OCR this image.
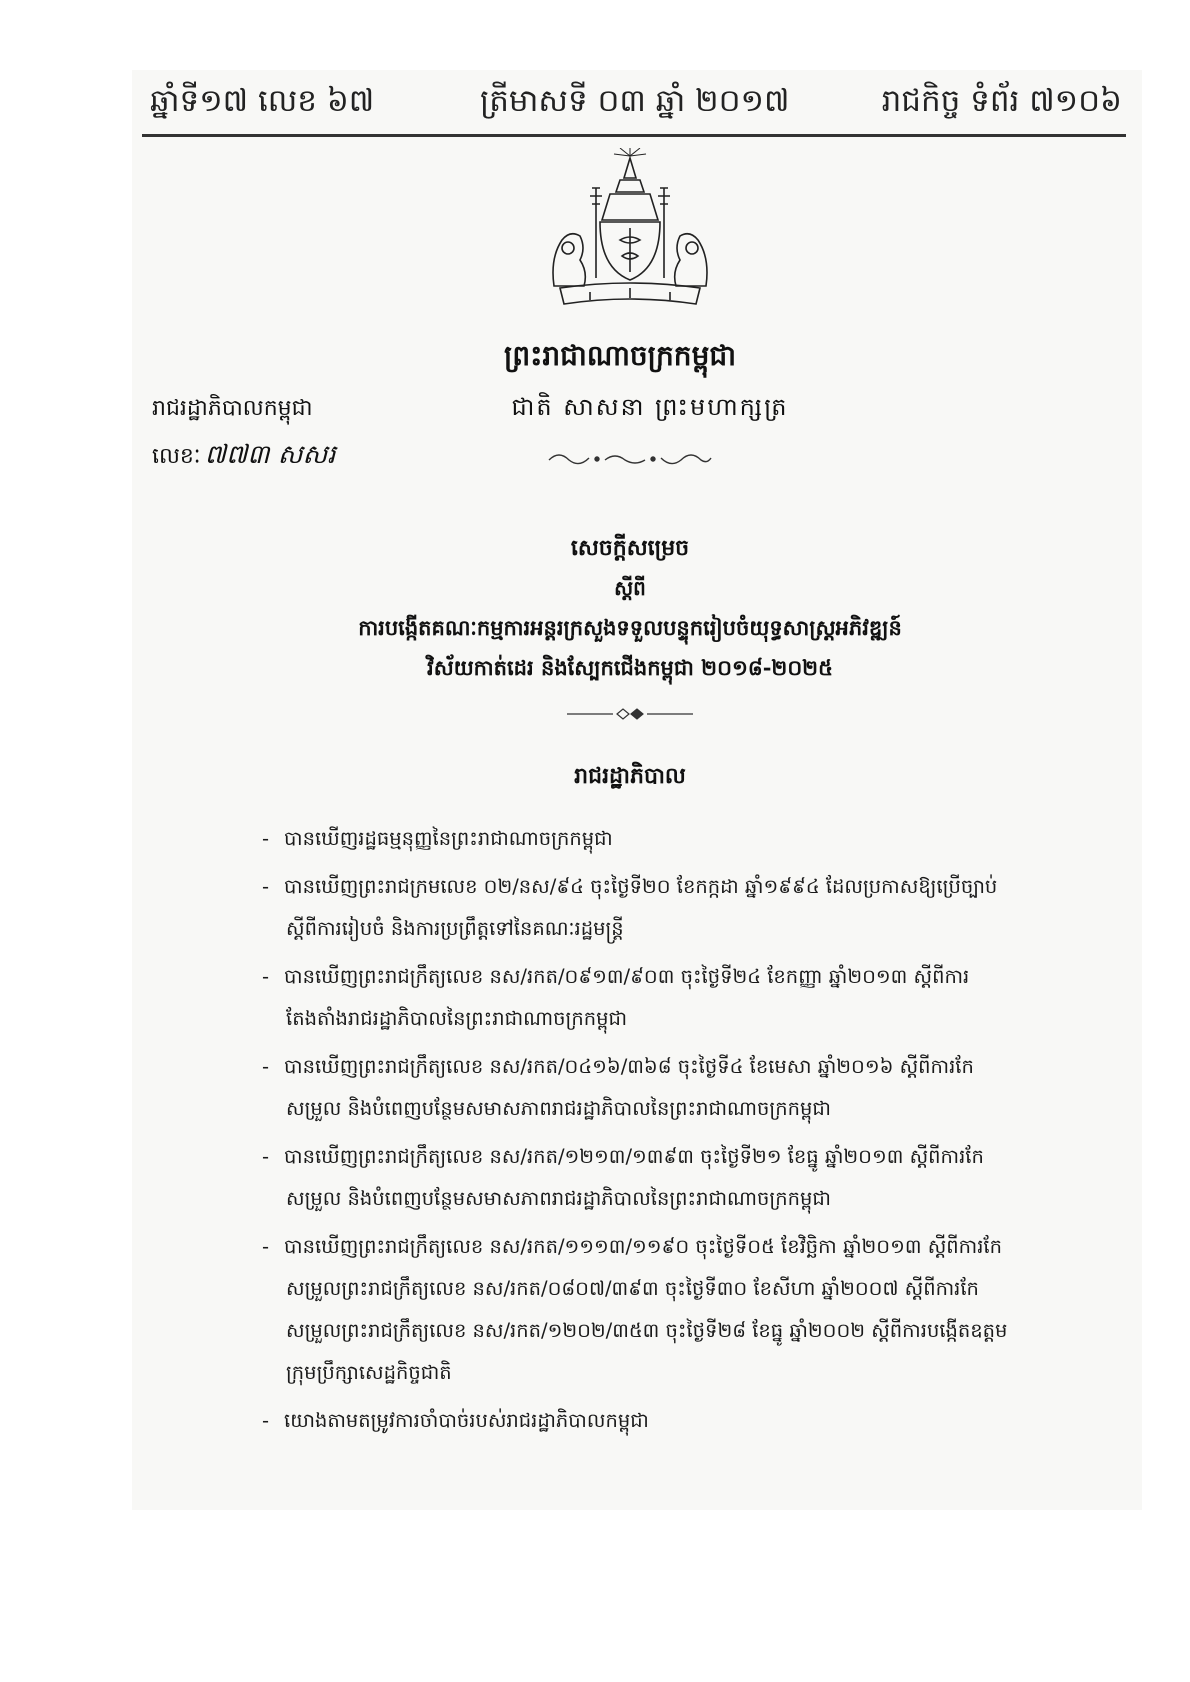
ឆ្នាំទី១៧ លេខ ៦៧	ត្រីមាសទី ០៣ ឆ្នាំ ២០១៧	រាជកិច្ច ទំព័រ ៧១០៦
ព្រះរាជាណាចក្រកម្ពុជា
ជាតិ សាសនា ព្រះមហាក្សត្រ
រាជរដ្ឋាភិបាលកម្ពុជា
លេខៈ ៧៧៣ សសរ
សេចក្តីសម្រេច
ស្តីពី
ការបង្កើតគណៈកម្មការអន្តរក្រសួងទទួលបន្ទុករៀបចំយុទ្ធសាស្ត្រអភិវឌ្ឍន៍
វិស័យកាត់ដេរ និងស្បែកជើងកម្ពុជា ២០១៨-២០២៥
រាជរដ្ឋាភិបាល
- បានឃើញរដ្ឋធម្មនុញ្ញនៃព្រះរាជាណាចក្រកម្ពុជា
- បានឃើញព្រះរាជក្រមលេខ ០២/នស/៩៤ ចុះថ្ងៃទី២០ ខែកក្កដា ឆ្នាំ១៩៩៤ ដែលប្រកាសឱ្យប្រើច្បាប់
ស្តីពីការរៀបចំ និងការប្រព្រឹត្តទៅនៃគណៈរដ្ឋមន្ត្រី
- បានឃើញព្រះរាជក្រឹត្យលេខ នស/រកត/០៩១៣/៩០៣ ចុះថ្ងៃទី២៤ ខែកញ្ញា ឆ្នាំ២០១៣ ស្តីពីការ
តែងតាំងរាជរដ្ឋាភិបាលនៃព្រះរាជាណាចក្រកម្ពុជា
- បានឃើញព្រះរាជក្រឹត្យលេខ នស/រកត/០៤១៦/៣៦៨ ចុះថ្ងៃទី៤ ខែមេសា ឆ្នាំ២០១៦ ស្តីពីការកែ
សម្រួល និងបំពេញបន្ថែមសមាសភាពរាជរដ្ឋាភិបាលនៃព្រះរាជាណាចក្រកម្ពុជា
- បានឃើញព្រះរាជក្រឹត្យលេខ នស/រកត/១២១៣/១៣៩៣ ចុះថ្ងៃទី២១ ខែធ្នូ ឆ្នាំ២០១៣ ស្តីពីការកែ
សម្រួល និងបំពេញបន្ថែមសមាសភាពរាជរដ្ឋាភិបាលនៃព្រះរាជាណាចក្រកម្ពុជា
- បានឃើញព្រះរាជក្រឹត្យលេខ នស/រកត/១១១៣/១១៩០ ចុះថ្ងៃទី០៥ ខែវិច្ឆិកា ឆ្នាំ២០១៣ ស្តីពីការកែ
សម្រួលព្រះរាជក្រឹត្យលេខ នស/រកត/០៨០៧/៣៩៣ ចុះថ្ងៃទី៣០ ខែសីហា ឆ្នាំ២០០៧ ស្តីពីការកែ
សម្រួលព្រះរាជក្រឹត្យលេខ នស/រកត/១២០២/៣៥៣ ចុះថ្ងៃទី២៨ ខែធ្នូ ឆ្នាំ២០០២ ស្តីពីការបង្កើតឧត្តម
ក្រុមប្រឹក្សាសេដ្ឋកិច្ចជាតិ
- យោងតាមតម្រូវការចាំបាច់របស់រាជរដ្ឋាភិបាលកម្ពុជា
